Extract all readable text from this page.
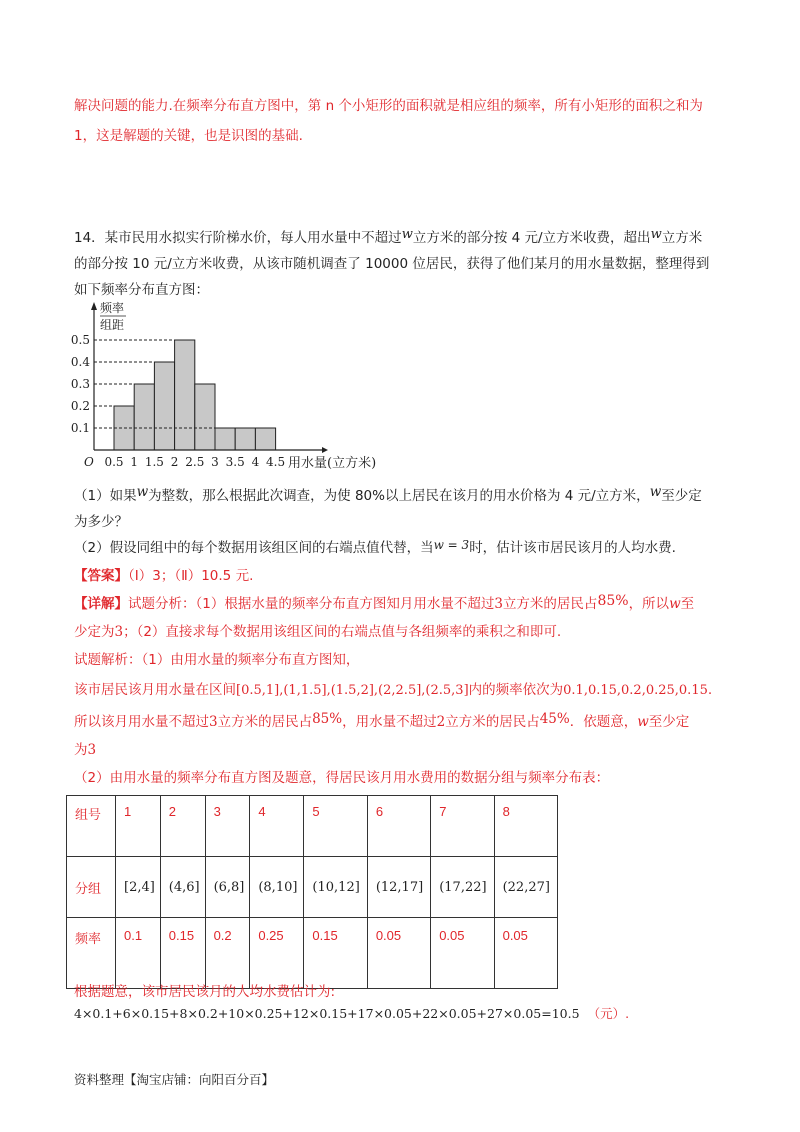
解决问题的能力.在频率分布直方图中，第 n 个小矩形的面积就是相应组的频率，所有小矩形的面积之和为
1，这是解题的关键，也是识图的基础.
14．某市民用水拟实行阶梯水价，每人用水量中不超过w立方米的部分按 4 元/立方米收费，超出w立方米
的部分按 10 元/立方米收费，从该市随机调查了 10000 位居民，获得了他们某月的用水量数据，整理得到
如下频率分布直方图：
0.1
0.2
0.3
0.4
0.5
频率
组距
O 0.5 1 1.5 2 2.5 3 3.5 4 4.5 用水量(立方米)
（1）如果w为整数，那么根据此次调查，为使 80%以上居民在该月的用水价格为 4 元/立方米，w至少定
为多少？
（2）假设同组中的每个数据用该组区间的右端点值代替，当w = 3时，估计该市居民该月的人均水费.
【答案】（Ⅰ）3；（Ⅱ）10.5 元.
【详解】试题分析：（1）根据水量的频率分布直方图知月用水量不超过3立方米的居民占85%，所以w至
少定为3；（2）直接求每个数据用该组区间的右端点值与各组频率的乘积之和即可.
试题解析：（1）由用水量的频率分布直方图知，
该市居民该月用水量在区间[0.5,1],(1,1.5],(1.5,2],(2,2.5],(2.5,3]内的频率依次为0.1,0.15,0.2,0.25,0.15.
所以该月用水量不超过3立方米的居民占85%，用水量不超过2立方米的居民占45%．依题意，w至少定
为3
（2）由用水量的频率分布直方图及题意，得居民该月用水费用的数据分组与频率分布表：
组号	1	2	3	4	5	6	7	8
分组	[2,4]	(4,6]	(6,8]	(8,10]	(10,12]	(12,17]	(17,22]	(22,27]
频率	0.1	0.15	0.2	0.25	0.15	0.05	0.05	0.05
根据题意，该市居民该月的人均水费估计为:
4×0.1+6×0.15+8×0.2+10×0.25+12×0.15+17×0.05+22×0.05+27×0.05=10.5 （元）.
资料整理【淘宝店铺：向阳百分百】
